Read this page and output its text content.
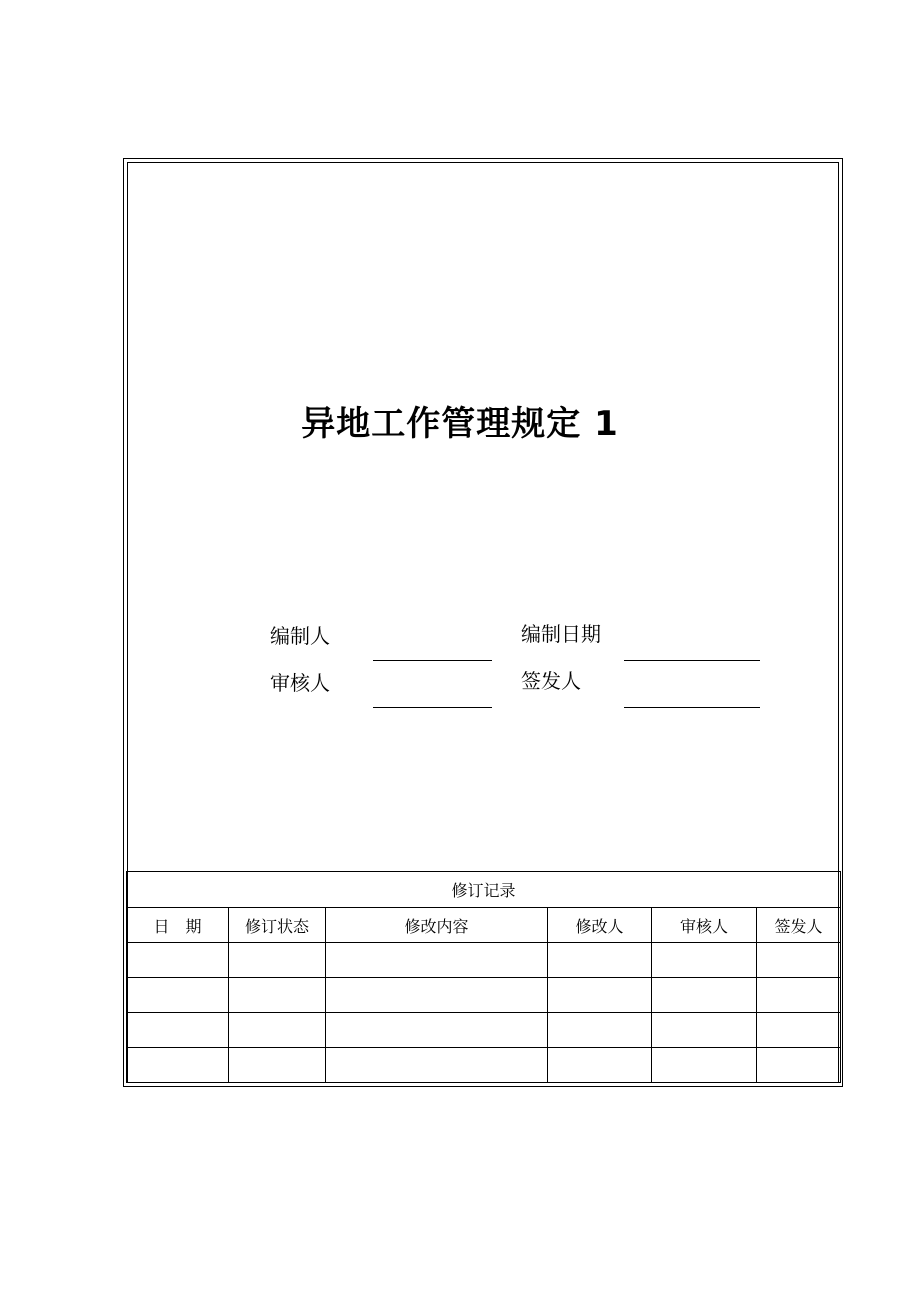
异地工作管理规定 1
编制人	编制日期
审核人	签发人
修订记录					
日　期	修订状态	修改内容	修改人	审核人	签发人
